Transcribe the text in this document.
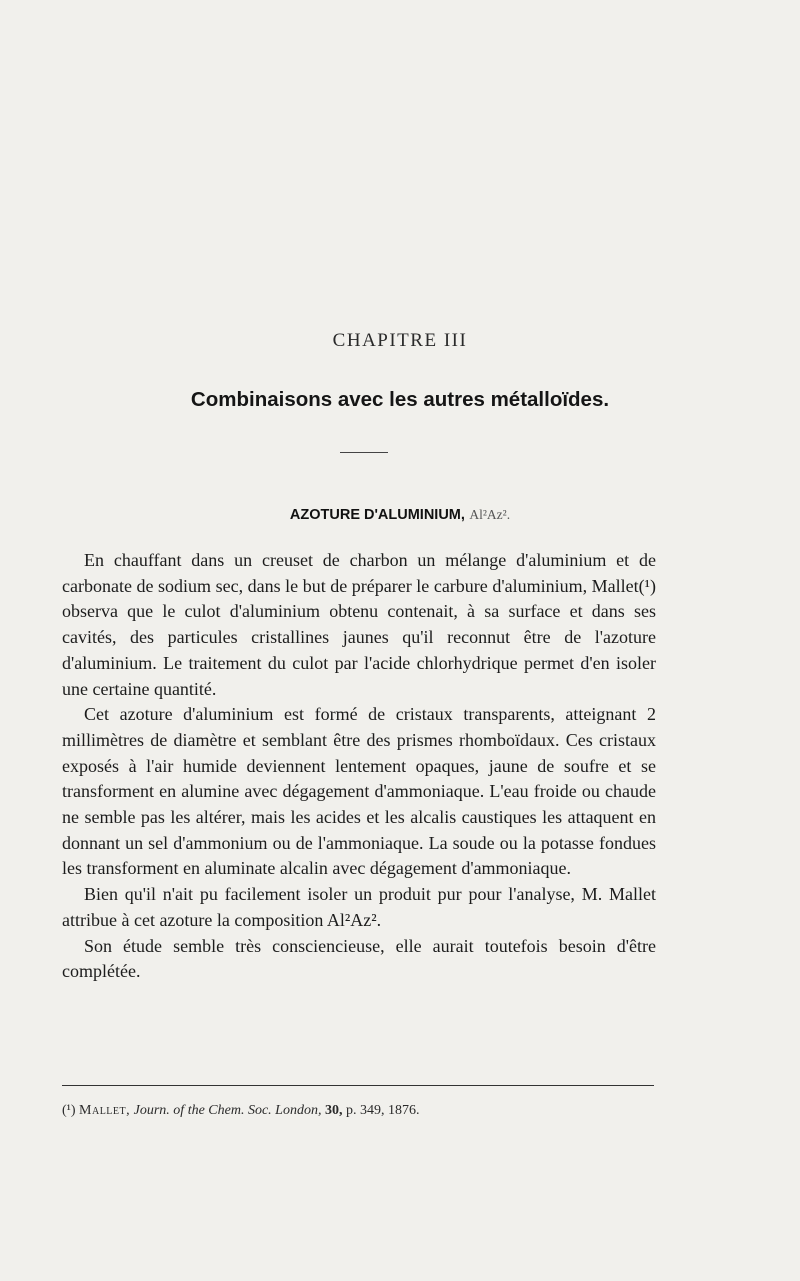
CHAPITRE III
Combinaisons avec les autres métalloïdes.
AZOTURE D'ALUMINIUM, Al²Az².

En chauffant dans un creuset de charbon un mélange d'aluminium et de carbonate de sodium sec, dans le but de préparer le carbure d'aluminium, Mallet(¹) observa que le culot d'aluminium obtenu contenait, à sa surface et dans ses cavités, des particules cristallines jaunes qu'il reconnut être de l'azoture d'aluminium. Le traitement du culot par l'acide chlorhydrique permet d'en isoler une certaine quantité.

Cet azoture d'aluminium est formé de cristaux transparents, atteignant 2 millimètres de diamètre et semblant être des prismes rhomboïdaux. Ces cristaux exposés à l'air humide deviennent lentement opaques, jaune de soufre et se transforment en alumine avec dégagement d'ammoniaque. L'eau froide ou chaude ne semble pas les altérer, mais les acides et les alcalis caustiques les attaquent en donnant un sel d'ammonium ou de l'ammoniaque. La soude ou la potasse fondues les transforment en aluminate alcalin avec dégagement d'ammoniaque.

Bien qu'il n'ait pu facilement isoler un produit pur pour l'analyse, M. Mallet attribue à cet azoture la composition Al²Az².

Son étude semble très consciencieuse, elle aurait toutefois besoin d'être complétée.

(¹) Mallet, Journ. of the Chem. Soc. London, 30, p. 349, 1876.
